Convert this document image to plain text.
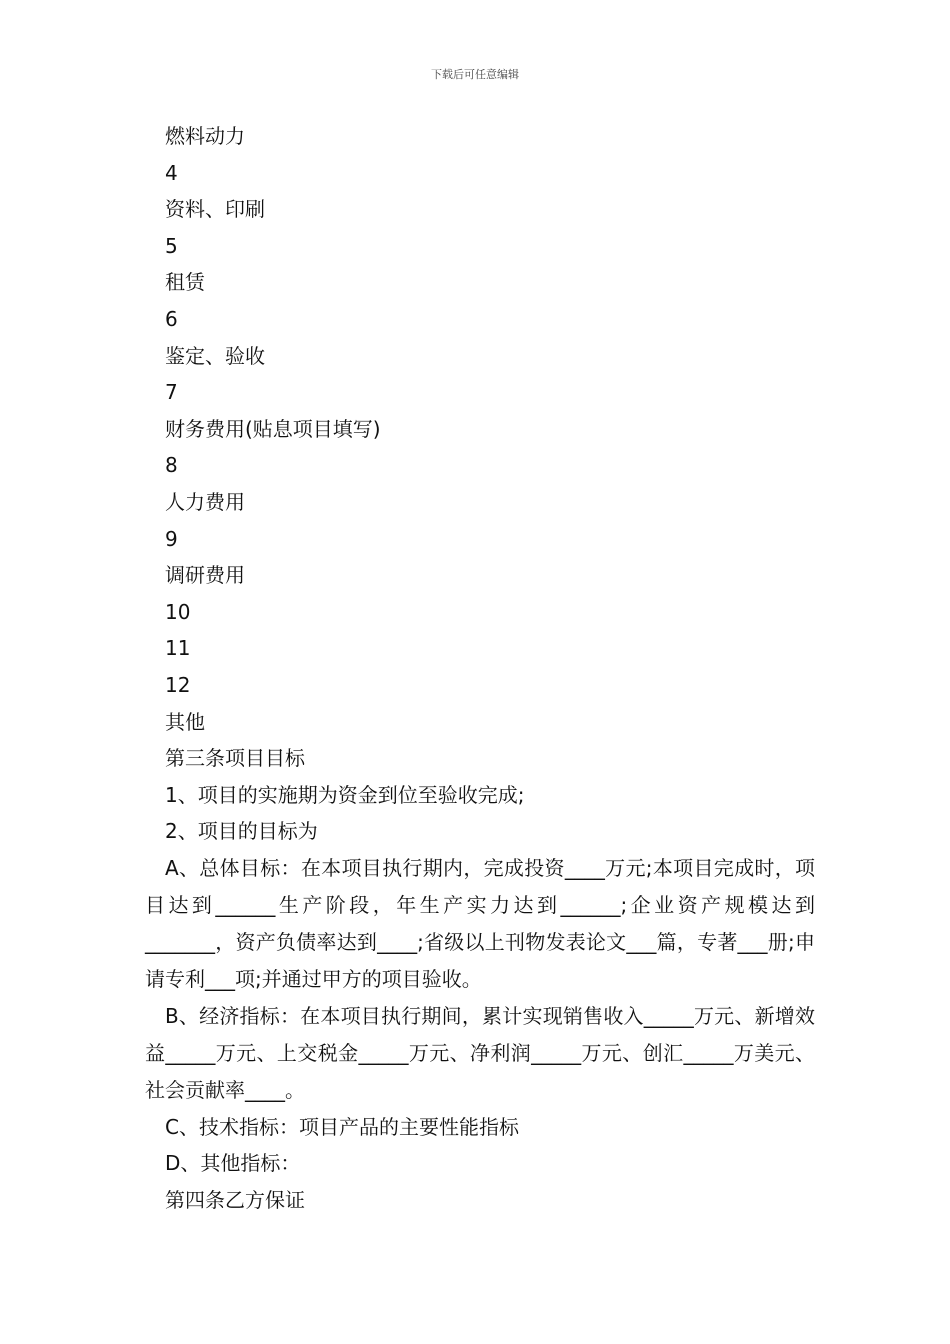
下载后可任意编辑
燃料动力
4
资料、印刷
5
租赁
6
鉴定、验收
7
财务费用(贴息项目填写)
8
人力费用
9
调研费用
10
11
12
其他
第三条项目目标
1、项目的实施期为资金到位至验收完成;
2、项目的目标为

A、总体目标：在本项目执行期内，完成投资____万元;本项目完成时，项目达到______生产阶段，年生产实力达到______;企业资产规模达到_______，资产负债率达到____;省级以上刊物发表论文___篇，专著___册;申请专利___项;并通过甲方的项目验收。

B、经济指标：在本项目执行期间，累计实现销售收入_____万元、新增效益_____万元、上交税金_____万元、净利润_____万元、创汇_____万美元、社会贡献率____。

C、技术指标：项目产品的主要性能指标
D、其他指标：
第四条乙方保证
